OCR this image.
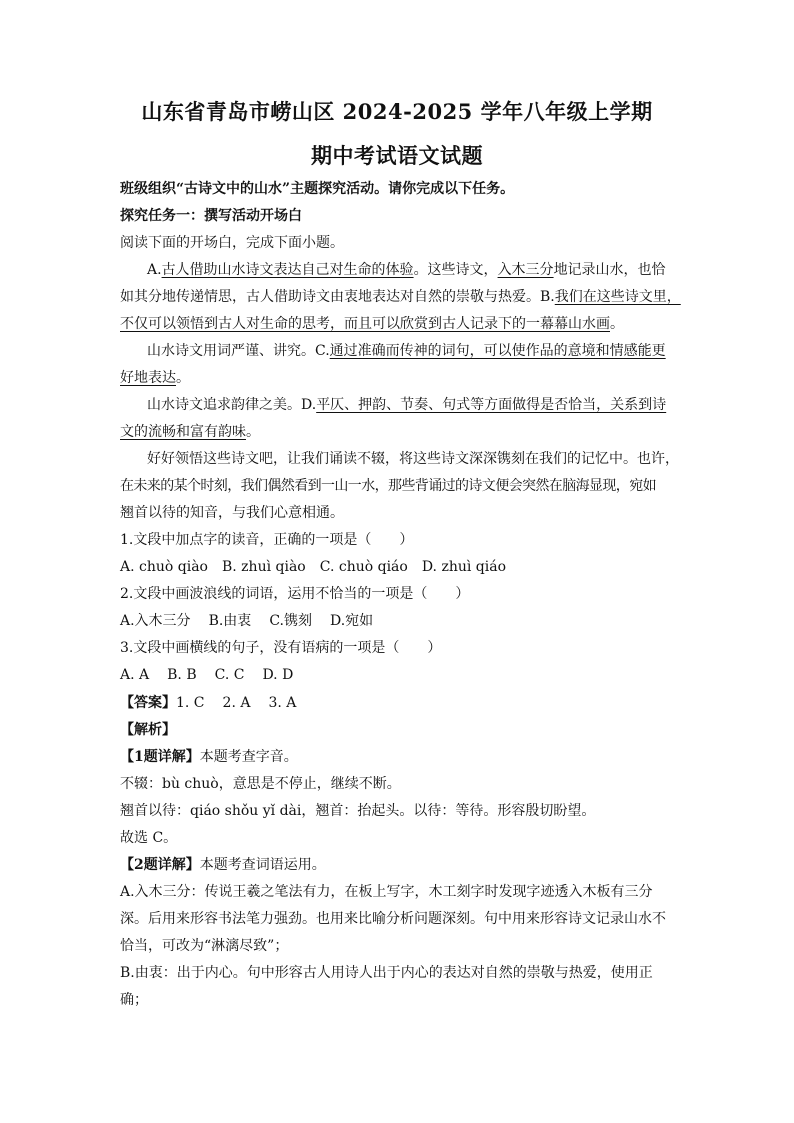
山东省青岛市崂山区 2024-2025 学年八年级上学期
期中考试语文试题
班级组织“古诗文中的山水”主题探究活动。请你完成以下任务。
探究任务一：撰写活动开场白
阅读下面的开场白，完成下面小题。
A.古人借助山水诗文表达自己对生命的体验。这些诗文，入木三分地记录山水，也恰
如其分地传递情思，古人借助诗文由衷地表达对自然的崇敬与热爱。B.我们在这些诗文里，
不仅可以领悟到古人对生命的思考，而且可以欣赏到古人记录下的一幕幕山水画。
山水诗文用词严谨、讲究。C.通过准确而传神的词句，可以使作品的意境和情感能更
好地表达。
山水诗文追求韵律之美。D.平仄、押韵、节奏、句式等方面做得是否恰当，关系到诗
文的流畅和富有韵味。
好好领悟这些诗文吧，让我们诵读不辍，将这些诗文深深镌刻在我们的记忆中。也许，
在未来的某个时刻，我们偶然看到一山一水，那些背诵过的诗文便会突然在脑海显现，宛如
翘首以待的知音，与我们心意相通。
1.文段中加点字的读音，正确的一项是（　　）
A. chuò qiào B. zhuì qiào C. chuò qiáo D. zhuì qiáo
2.文段中画波浪线的词语，运用不恰当的一项是（　　）
A.入木三分 B.由衷 C.镌刻 D.宛如
3.文段中画横线的句子，没有语病的一项是（　　）
A. A B. B C. C D. D
【答案】1. C 2. A 3. A
【解析】
【1题详解】本题考查字音。
不辍：bù chuò，意思是不停止，继续不断。
翘首以待：qiáo shǒu yǐ dài，翘首：抬起头。以待：等待。形容殷切盼望。
故选 C。
【2题详解】本题考查词语运用。
A.入木三分：传说王羲之笔法有力，在板上写字，木工刻字时发现字迹透入木板有三分
深。后用来形容书法笔力强劲。也用来比喻分析问题深刻。句中用来形容诗文记录山水不
恰当，可改为“淋漓尽致”；
B.由衷：出于内心。句中形容古人用诗人出于内心的表达对自然的崇敬与热爱，使用正
确；
